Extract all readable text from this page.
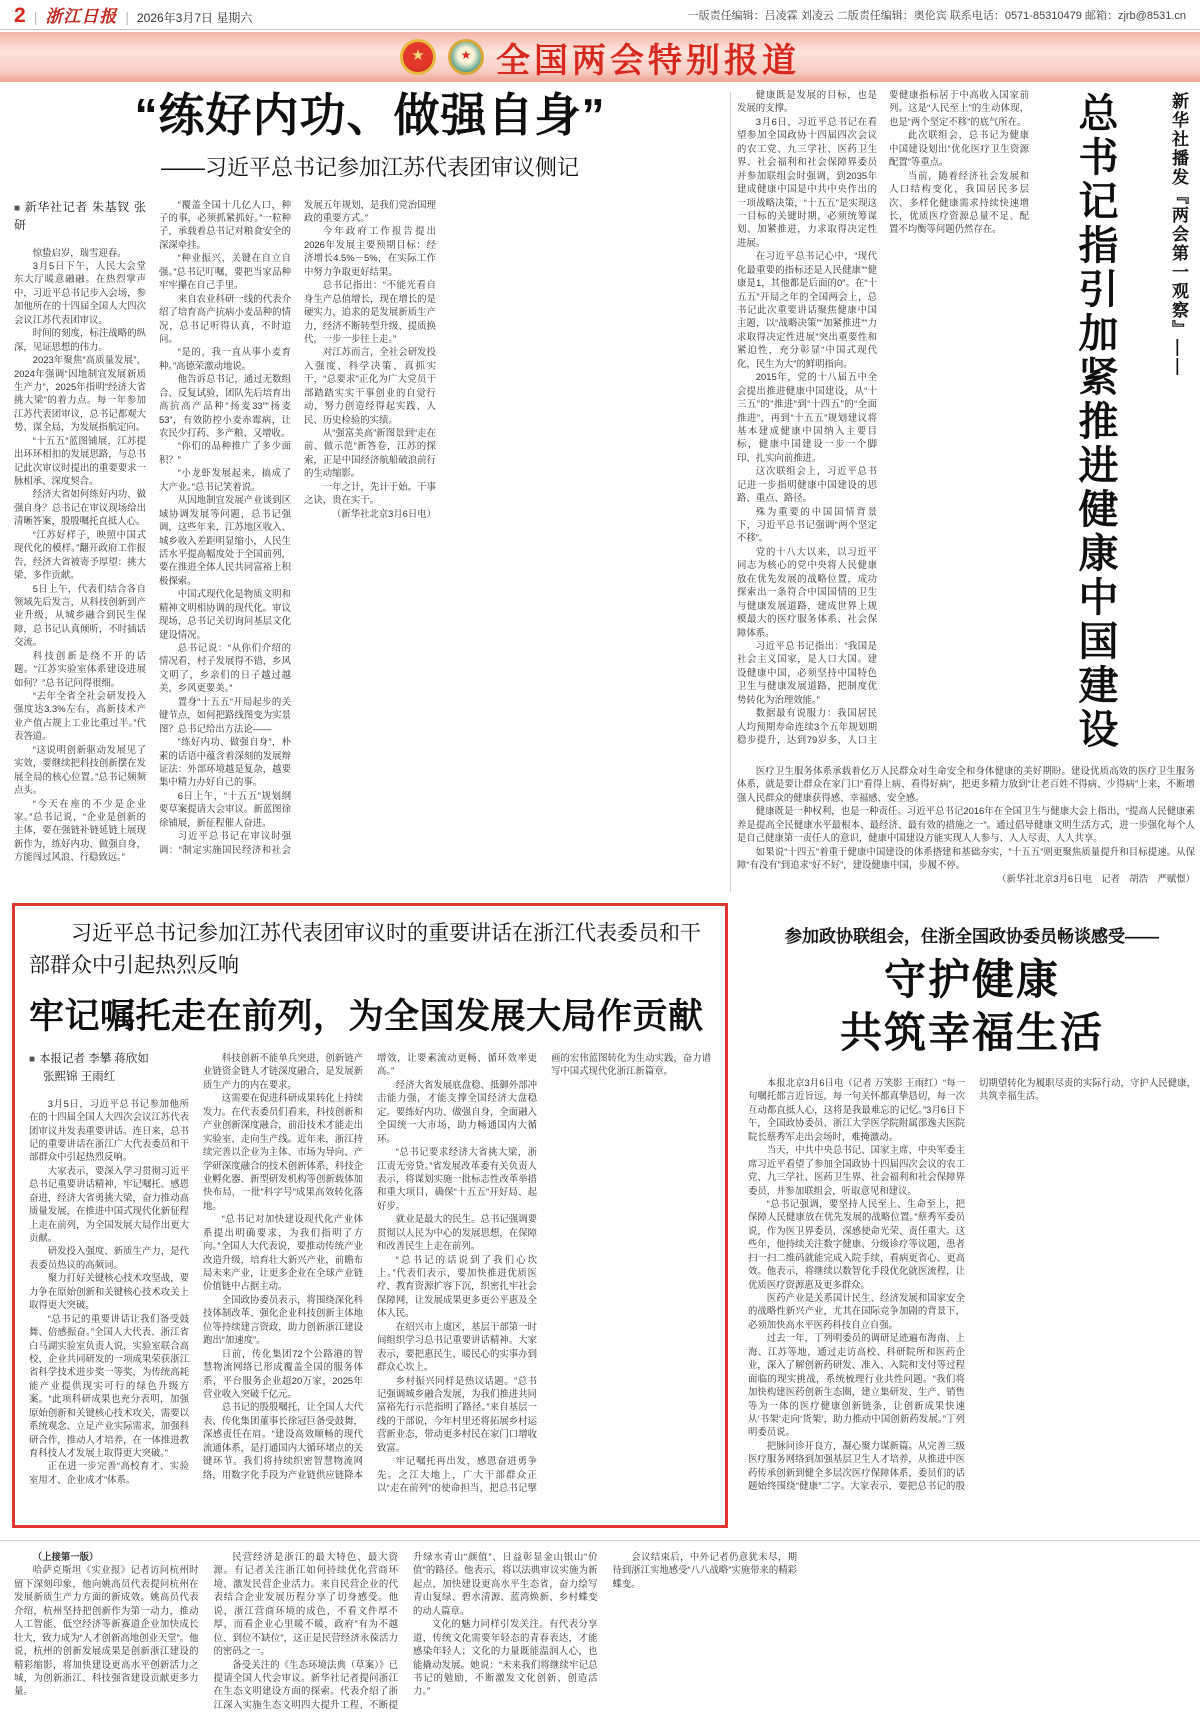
2 | 浙江日报 | 2026年3月7日 星期六	一版责任编辑：吕凌霖 刘凌云 二版责任编辑：奥伦宾 联系电话：0571-85310479 邮箱：zjrb@8531.cn
★
★
全国两会特别报道
“练好内功、做强自身”
——习近平总书记参加江苏代表团审议侧记
■ 新华社记者 朱基钗 张研

惊蛰启岁，瑞雪迎春。

3月5日下午，人民大会堂东大厅暖意融融。在热烈掌声中，习近平总书记步入会场，参加他所在的十四届全国人大四次会议江苏代表团审议。

时间的刻度，标注战略的纵深，见证思想的伟力。

2023年聚焦“高质量发展”，2024年强调“因地制宜发展新质生产力”，2025年指明“经济大省挑大梁”的着力点。每一年参加江苏代表团审议，总书记都观大势、谋全局，为发展指航定向。

“十五五”蓝图铺展，江苏提出环环相扣的发展思路，与总书记此次审议时提出的重要要求一脉相承、深度契合。

经济大省如何练好内功、做强自身？总书记在审议现场给出清晰答案，殷殷嘱托直抵人心。

“江苏好样子，映照中国式现代化的模样。”翻开政府工作报告，经济大省被寄予厚望：挑大梁、多作贡献。

5日上午，代表们结合各自领域先后发言，从科技创新到产业升级，从城乡融合到民生保障，总书记认真倾听，不时插话交流。

科技创新是绕不开的话题。“江苏实验室体系建设进展如何？”总书记问得很细。

“去年全省全社会研发投入强度达3.3%左右，高新技术产业产值占规上工业比重过半。”代表答道。

“这说明创新驱动发展见了实效，要继续把科技创新摆在发展全局的核心位置。”总书记频频点头。

“今天在座的不少是企业家。”总书记说，“企业是创新的主体，要在强链补链延链上展现新作为，练好内功、做强自身，方能闯过风浪、行稳致远。”

“覆盖全国十几亿人口，种子的事，必须抓紧抓好。”一粒种子，承载着总书记对粮食安全的深深牵挂。

“种业振兴，关键在自立自强。”总书记叮嘱，要把当家品种牢牢攥在自己手里。

来自农业科研一线的代表介绍了培育高产抗病小麦品种的情况，总书记听得认真，不时追问。

“是的，我一直从事小麦育种。”高德荣激动地说。

他告诉总书记，通过无数组合、反复试验，团队先后培育出高抗高产品种“扬麦33”“扬麦53”，有效防控小麦赤霉病，让农民少打药、多产粮、又增收。

“你们的品种推广了多少面积？”

“小龙虾发展起来，搞成了大产业。”总书记笑着说。

从因地制宜发展产业谈到区域协调发展等问题，总书记强调，这些年来，江苏地区收入、城乡收入差距明显缩小，人民生活水平提高幅度处于全国前列，要在推进全体人民共同富裕上积极探索。

中国式现代化是物质文明和精神文明相协调的现代化。审议现场，总书记关切询问基层文化建设情况。

总书记说：“从你们介绍的情况看，村子发展得不错，乡风文明了，乡亲们的日子越过越美，乡风更要美。”

置身“十五五”开局起步的关键节点，如何把路线图变为实景图？总书记给出方法论——

“练好内功、做强自身”，朴素的话语中蕴含着深刻的发展辩证法：外部环境越是复杂，越要集中精力办好自己的事。

6日上午，“十五五”规划纲要草案提请大会审议。新蓝图徐徐铺展，新征程催人奋进。

习近平总书记在审议时强调：“制定实施国民经济和社会发展五年规划，是我们党治国理政的重要方式。”

今年政府工作报告提出2026年发展主要预期目标：经济增长4.5%－5%，在实际工作中努力争取更好结果。

总书记指出：“不能光看自身生产总值增长，现在增长的是硬实力，追求的是发展新质生产力，经济不断转型升级、提质换代，一步一步往上走。”

对江苏而言，全社会研发投入强度、科学决策、真抓实干，“总要求”正化为广大党员干部踏踏实实干事创业的自觉行动，努力创造经得起实践、人民、历史检验的实绩。

从“强富美高”新图景到“走在前、做示范”新答卷，江苏的探索，正是中国经济航船破浪前行的生动缩影。

一年之计，先计于始。干事之诀，贵在实干。

（新华社北京3月6日电）

健康既是发展的目标，也是发展的支撑。

3月6日，习近平总书记在看望参加全国政协十四届四次会议的农工党、九三学社、医药卫生界、社会福利和社会保障界委员并参加联组会时强调，到2035年建成健康中国是中共中央作出的一项战略决策，“十五五”是实现这一目标的关键时期，必须统筹谋划、加紧推进，力求取得决定性进展。

在习近平总书记心中，“现代化最重要的指标还是人民健康”“健康是1，其他都是后面的0”。在“十五五”开局之年的全国两会上，总书记此次重要讲话聚焦健康中国主题，以“战略决策”“加紧推进”“力求取得决定性进展”突出重要性和紧迫性，充分彰显“中国式现代化，民生为大”的鲜明指向。

2015年，党的十八届五中全会提出推进健康中国建设，从“十三五”的“推进”到“十四五”的“全面推进”，再到“十五五”规划建议将基本建成健康中国纳入主要目标，健康中国建设一步一个脚印、扎实向前推进。

这次联组会上，习近平总书记进一步指明健康中国建设的思路、重点、路径。

殊为重要的中国国情背景下，习近平总书记强调“两个坚定不移”。

党的十八大以来，以习近平同志为核心的党中央将人民健康放在优先发展的战略位置，成功探索出一条符合中国国情的卫生与健康发展道路，建成世界上规模最大的医疗服务体系、社会保障体系。

习近平总书记指出：“我国是社会主义国家，是人口大国。建设健康中国，必须坚持中国特色卫生与健康发展道路，把制度优势转化为治理效能。”

数据最有说服力：我国居民人均预期寿命连续3个五年规划期稳步提升，达到79岁多，人口主要健康指标居于中高收入国家前列。这是“人民至上”的生动体现，也是“两个坚定不移”的底气所在。

此次联组会，总书记为健康中国建设划出“优化医疗卫生资源配置”等重点。

当前，随着经济社会发展和人口结构变化，我国居民多层次、多样化健康需求持续快速增长，优质医疗资源总量不足、配置不均衡等问题仍然存在。

医疗卫生服务体系承载着亿万人民群众对生命安全和身体健康的美好期盼。建设优质高效的医疗卫生服务体系，就是要让群众在家门口“看得上病、看得好病”，把更多精力放到“让老百姓不得病、少得病”上来，不断增强人民群众的健康获得感、幸福感、安全感。

健康既是一种权利，也是一种责任。习近平总书记2016年在全国卫生与健康大会上指出，“提高人民健康素养是提高全民健康水平最根本、最经济、最有效的措施之一”。通过倡导健康文明生活方式，进一步强化每个人是自己健康第一责任人的意识，健康中国建设方能实现人人参与、人人尽责、人人共享。

如果说“十四五”着重于健康中国建设的体系搭建和基础夯实，“十五五”则更聚焦质量提升和目标提速。从保障“有没有”到追求“好不好”，建设健康中国，步履不停。

（新华社北京3月6日电　记者　胡浩　严赋憬）

新华社播发『两会第一观察』——
总书记指引加紧推进健康中国建设
习近平总书记参加江苏代表团审议时的重要讲话在浙江代表委员和干部群众中引起热烈反响
牢记嘱托走在前列，为全国发展大局作贡献
■ 本报记者 李攀 蒋欣如
张熙锦 王雨红

3月5日，习近平总书记参加他所在的十四届全国人大四次会议江苏代表团审议并发表重要讲话。连日来，总书记的重要讲话在浙江广大代表委员和干部群众中引起热烈反响。

大家表示，要深入学习贯彻习近平总书记重要讲话精神，牢记嘱托、感恩奋进，经济大省勇挑大梁，奋力推动高质量发展，在推进中国式现代化新征程上走在前列，为全国发展大局作出更大贡献。

研发投入强度、新质生产力，是代表委员热议的高频词。

聚力打好关键核心技术攻坚战，要力争在原始创新和关键核心技术攻关上取得更大突破。

“总书记的重要讲话让我们备受鼓舞、倍感振奋。”全国人大代表、浙江省白马湖实验室负责人说，实验室联合高校、企业共同研发的一项成果荣获浙江省科学技术进步奖一等奖，为传统高耗能产业提供现实可行的绿色升级方案。“此项科研成果也充分表明，加强原始创新和关键核心技术攻关，需要以系统观念、立足产业实际需求，加强科研合作，推动人才培养，在一体推进教育科技人才发展上取得更大突破。”

正在进一步完善“高校育才、实验室用才、企业成才”体系。

科技创新不能单兵突进，创新链产业链资金链人才链深度融合，是发展新质生产力的内在要求。

这需要在促进科研成果转化上持续发力。在代表委员们看来，科技创新和产业创新深度融合，前沿技术才能走出实验室、走向生产线。近年来，浙江持续完善以企业为主体、市场为导向、产学研深度融合的技术创新体系，科技企业孵化器、新型研发机构等创新载体加快布局，一批“科字号”成果高效转化落地。

“总书记对加快建设现代化产业体系提出明确要求，为我们指明了方向。”全国人大代表说，要推动传统产业改造升级，培育壮大新兴产业，前瞻布局未来产业，让更多企业在全球产业链价值链中占据主动。

全国政协委员表示，将围绕深化科技体制改革、强化企业科技创新主体地位等持续建言资政，助力创新浙江建设跑出“加速度”。

日前，传化集团72个公路港的智慧物流网络已形成覆盖全国的服务体系，平台服务企业超20万家，2025年营业收入突破千亿元。

总书记的殷殷嘱托，让全国人大代表、传化集团董事长徐冠巨备受鼓舞，深感责任在肩。“建设高效顺畅的现代流通体系，是打通国内大循环堵点的关键环节。我们将持续织密智慧物流网络，用数字化手段为产业链供应链降本增效，让要素流动更畅、循环效率更高。”

经济大省发展底盘稳、抵御外部冲击能力强，才能支撑全国经济大盘稳定。要练好内功、做强自身，全面融入全国统一大市场，助力畅通国内大循环。

“总书记要求经济大省挑大梁，浙江责无旁贷。”省发展改革委有关负责人表示，将谋划实施一批标志性改革举措和重大项目，确保“十五五”开好局、起好步。

就业是最大的民生。总书记强调要贯彻以人民为中心的发展思想，在保障和改善民生上走在前列。

“总书记的话说到了我们心坎上。”代表们表示，要加快推进优质医疗、教育资源扩容下沉，织密扎牢社会保障网，让发展成果更多更公平惠及全体人民。

在绍兴市上虞区，基层干部第一时间组织学习总书记重要讲话精神。大家表示，要把惠民生、暖民心的实事办到群众心坎上。

乡村振兴同样是热议话题。“总书记强调城乡融合发展，为我们推进共同富裕先行示范指明了路径。”来自基层一线的干部说，今年村里还将拓展乡村运营新业态，带动更多村民在家门口增收致富。

牢记嘱托再出发，感恩奋进勇争先。之江大地上，广大干部群众正以“走在前列”的使命担当，把总书记擘画的宏伟蓝图转化为生动实践，奋力谱写中国式现代化浙江新篇章。

参加政协联组会，住浙全国政协委员畅谈感受——
守护健康
共筑幸福生活

本报北京3月6日电（记者 万笑影 王雨红）“每一句嘱托都言近旨远，每一句关怀都真挚恳切，每一次互动都直抵人心，这将是我最难忘的记忆。”3月6日下午，全国政协委员、浙江大学医学院附属邵逸夫医院院长蔡秀军走出会场时，难掩激动。

当天，中共中央总书记、国家主席、中央军委主席习近平看望了参加全国政协十四届四次会议的农工党、九三学社、医药卫生界、社会福利和社会保障界委员，并参加联组会，听取意见和建议。

“总书记强调，要坚持人民至上、生命至上，把保障人民健康放在优先发展的战略位置。”蔡秀军委员说，作为医卫界委员，深感使命光荣、责任重大。这些年，他持续关注数字健康、分级诊疗等议题，患者扫一扫二维码就能完成入院手续，看病更省心、更高效。他表示，将继续以数智化手段优化就医流程，让优质医疗资源惠及更多群众。

医药产业是关系国计民生、经济发展和国家安全的战略性新兴产业，尤其在国际竞争加剧的背景下，必须加快高水平医药科技自立自强。

过去一年，丁列明委员的调研足迹遍布海南、上海、江苏等地，通过走访高校、科研院所和医药企业，深入了解创新药研发、准入、入院和支付等过程面临的现实挑战，系统梳理行业共性问题。“我们将加快构建医药创新生态圈，建立集研发、生产、销售等为一体的医疗健康创新链条，让创新成果快速从‘书架’走向‘货架’，助力推动中国创新药发展。”丁列明委员说。

把脉问诊开良方，凝心聚力谋新篇。从完善三级医疗服务网络到加强基层卫生人才培养，从推进中医药传承创新到健全多层次医疗保障体系，委员们的话题始终围绕“健康”二字。大家表示，要把总书记的殷切期望转化为履职尽责的实际行动，守护人民健康，共筑幸福生活。

（上接第一版）

哈萨克斯坦《实业报》记者访问杭州时留下深刻印象，他向姚高员代表提问杭州在发展新质生产力方面的新成效。姚高员代表介绍，杭州坚持把创新作为第一动力，推动人工智能、低空经济等新赛道企业加快成长壮大，致力成为“人才创新高地创业天堂”。他说，杭州的创新发展成果是创新浙江建设的精彩缩影，将加快建设更高水平创新活力之城，为创新浙江、科技强省建设贡献更多力量。

民营经济是浙江的最大特色、最大资源。有记者关注浙江如何持续优化营商环境、激发民营企业活力。来自民营企业的代表结合企业发展历程分享了切身感受。他说，浙江营商环境的成色，不看文件厚不厚，而看企业心里暖不暖，政府“有为不越位、到位不缺位”，这正是民营经济永葆活力的密码之一。

备受关注的《生态环境法典（草案）》已提请全国人代会审议。新华社记者提问浙江在生态文明建设方面的探索。代表介绍了浙江深入实施生态文明四大提升工程、不断提升绿水青山“颜值”、日益彰显金山银山“价值”的路径。他表示，将以法典审议实施为新起点，加快建设更高水平生态省，奋力绘写青山复绿、碧水清源、蓝湾焕新、乡村蝶变的动人篇章。

文化的魅力同样引发关注。有代表分享道，传统文化需要年轻态的青春表达，才能感染年轻人；文化的力量既能温润人心，也能撬动发展。她说：“未来我们将继续牢记总书记的勉励，不断激发文化创新、创造活力。”

会议结束后，中外记者仍意犹未尽，期待到浙江实地感受“八八战略”实施带来的精彩蝶变。
